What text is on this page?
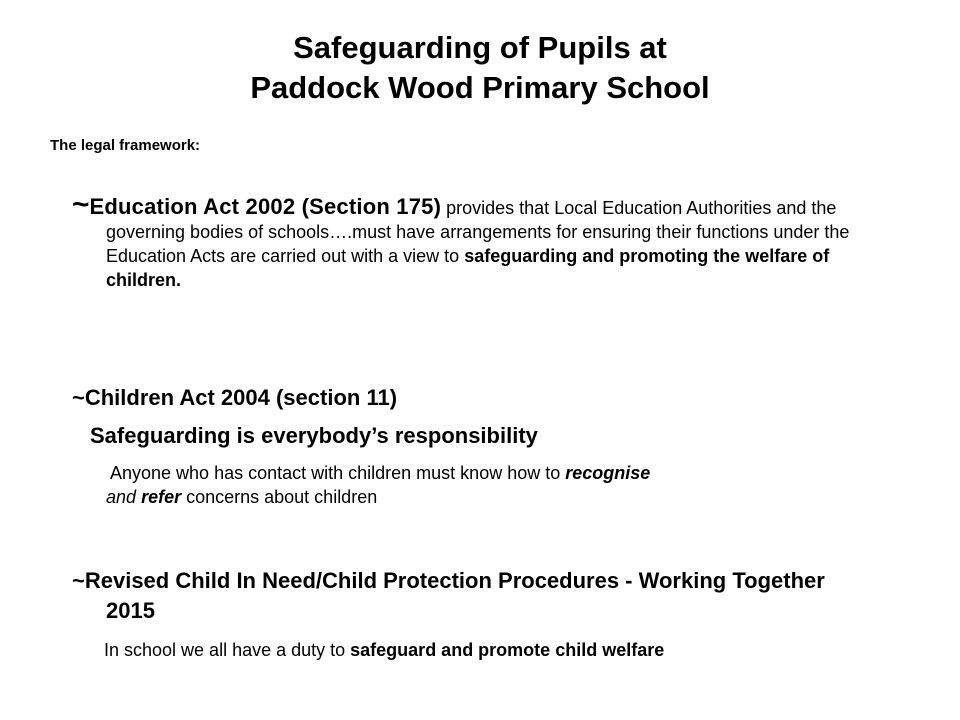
Safeguarding of Pupils at
Paddock Wood Primary School
The legal framework:
~Education Act 2002 (Section 175) provides that Local Education Authorities and the governing bodies of schools….must have arrangements for ensuring their functions under the Education Acts are carried out with a view to safeguarding and promoting the welfare of children.
~Children Act 2004 (section 11)
Safeguarding is everybody’s responsibility
Anyone who has contact with children must know how to recognise
and refer concerns about children
~Revised Child In Need/Child Protection Procedures - Working Together 2015
In school we all have a duty to safeguard and promote child welfare
